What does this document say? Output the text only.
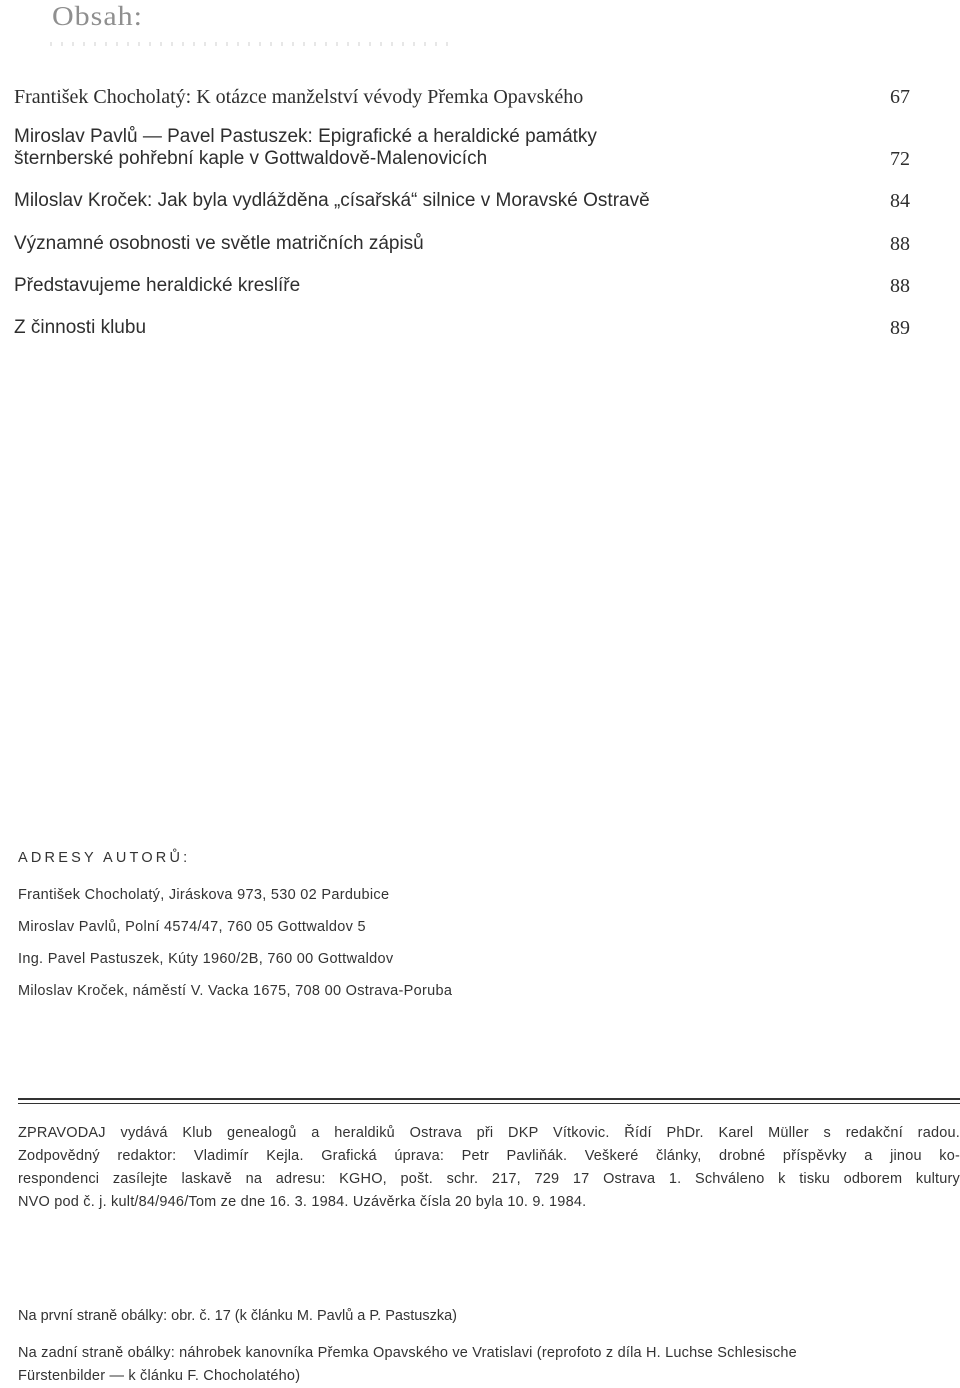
Obsah:
František Chocholatý: K otázce manželství vévody Přemka Opavského	67
Miroslav Pavlů — Pavel Pastuszek: Epigrafické a heraldické památky
šternberské pohřební kaple v Gottwaldově-Malenovicích	72
Miloslav Kroček: Jak byla vydlážděna „císařská“ silnice v Moravské Ostravě	84
Významné osobnosti ve světle matričních zápisů	88
Představujeme heraldické kreslíře	88
Z činnosti klubu	89
ADRESY AUTORŮ:
František Chocholatý, Jiráskova 973, 530 02 Pardubice
Miroslav Pavlů, Polní 4574/47, 760 05 Gottwaldov 5
Ing. Pavel Pastuszek, Kúty 1960/2B, 760 00 Gottwaldov
Miloslav Kroček, náměstí V. Vacka 1675, 708 00 Ostrava-Poruba

ZPRAVODAJ vydává Klub genealogů a heraldiků Ostrava při DKP Vítkovic. Řídí PhDr. Karel Müller s redakční radou.

Zodpovědný redaktor: Vladimír Kejla. Grafická úprava: Petr Pavliňák. Veškeré články, drobné příspěvky a jinou ko-

respondenci zasílejte laskavě na adresu: KGHO, pošt. schr. 217, 729 17 Ostrava 1. Schváleno k tisku odborem kultury

NVO pod č. j. kult/84/946/Tom ze dne 16. 3. 1984. Uzávěrka čísla 20 byla 10. 9. 1984.

Na první straně obálky: obr. č. 17 (k článku M. Pavlů a P. Pastuszka)
Na zadní straně obálky: náhrobek kanovníka Přemka Opavského ve Vratislavi (reprofoto z díla H. Luchse Schlesische
Fürstenbilder — k článku F. Chocholatého)
